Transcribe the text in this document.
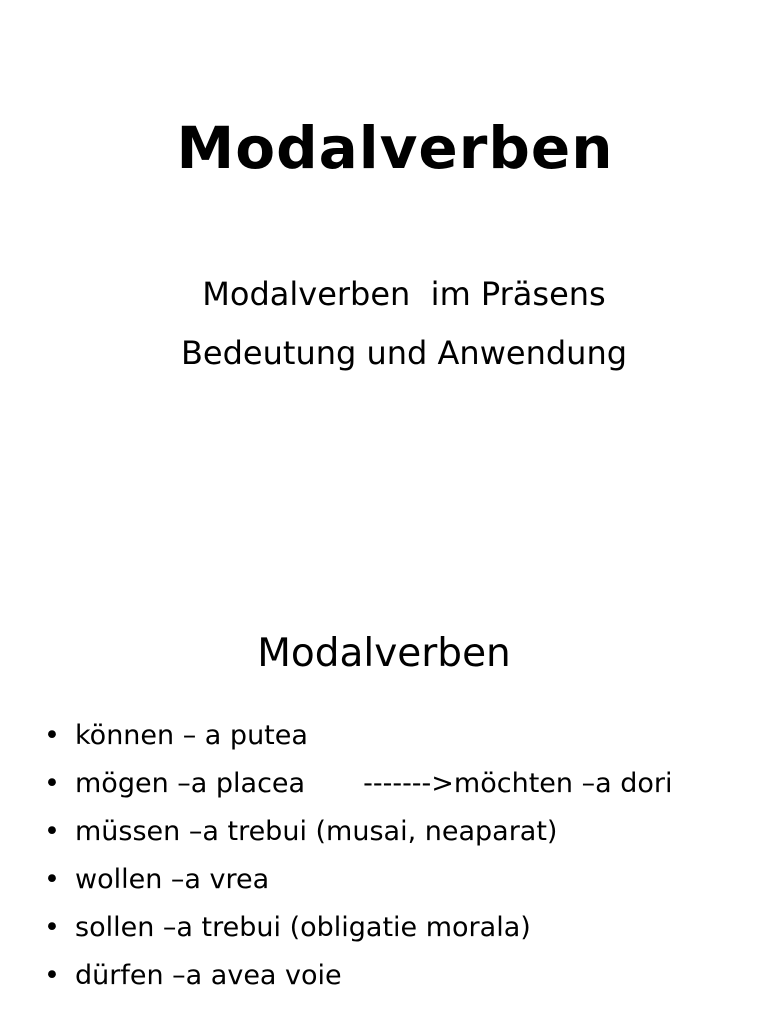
Modalverben
Modalverben  im Präsens
Bedeutung und Anwendung
Modalverben
• können – a putea
• mögen –a placea ------->möchten –a dori
• müssen –a trebui (musai, neaparat)
• wollen –a vrea
• sollen –a trebui (obligatie morala)
• dürfen –a avea voie
